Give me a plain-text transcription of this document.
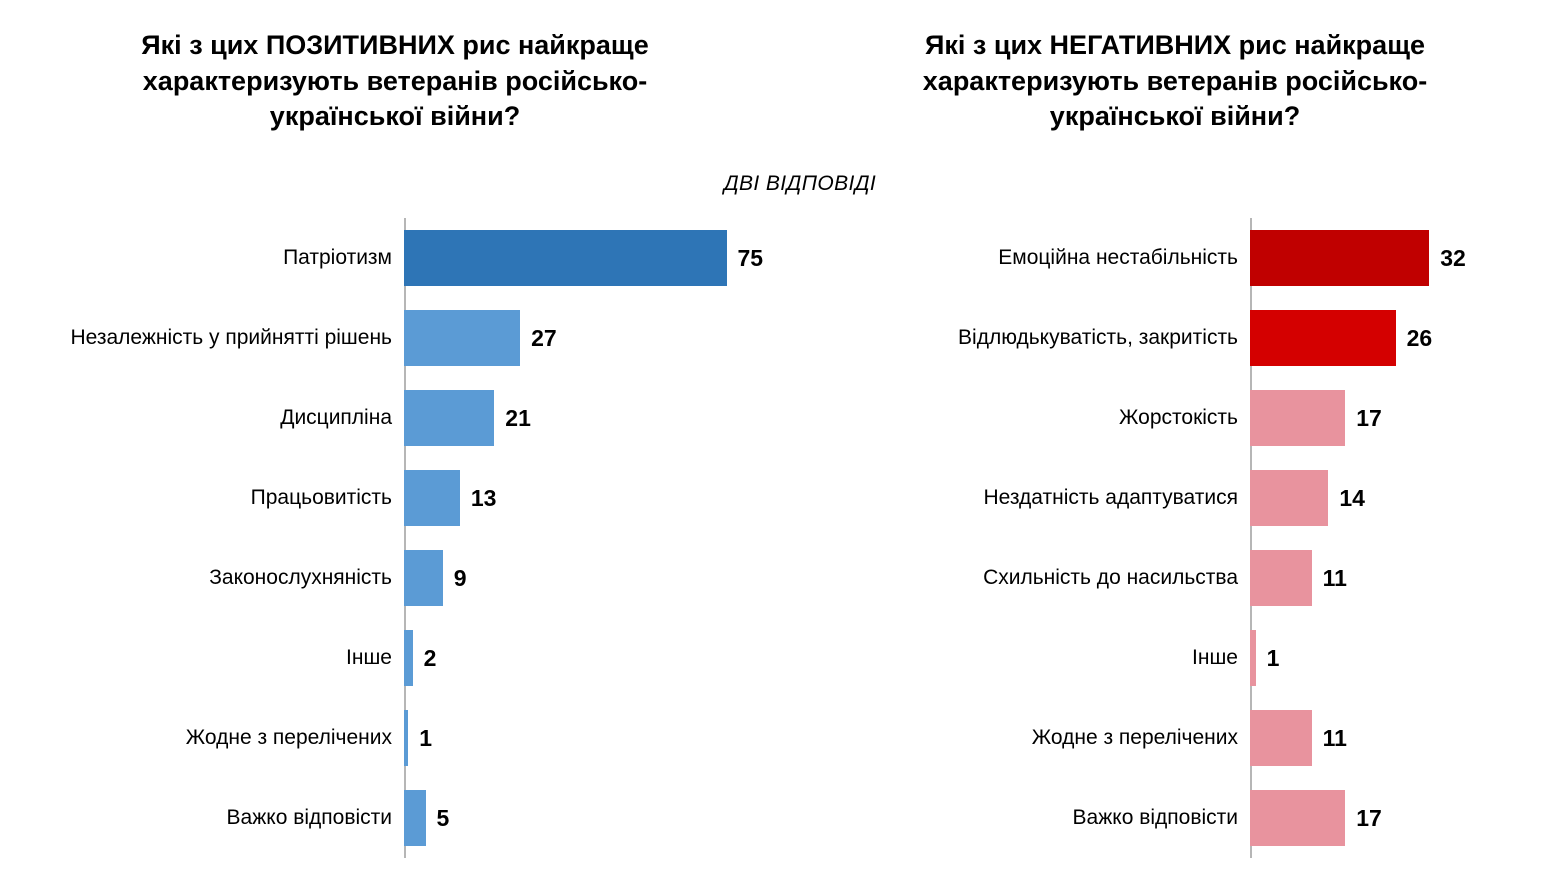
Які з цих ПОЗИТИВНИХ рис найкраще
характеризують ветеранів російсько-
української війни?
Патріотизм	75
Незалежність у прийнятті рішень	27
Дисципліна	21
Працьовитість	13
Законослухняність	9
Інше	2
Жодне з перелічених	1
Важко відповісти	5
ДВІ ВІДПОВІДІ
Які з цих НЕГАТИВНИХ рис найкраще
характеризують ветеранів російсько-
української війни?
Емоційна нестабільність	32
Відлюдькуватість, закритість	26
Жорстокість	17
Нездатність адаптуватися	14
Схильність до насильства	11
Інше	1
Жодне з перелічених	11
Важко відповісти	17
